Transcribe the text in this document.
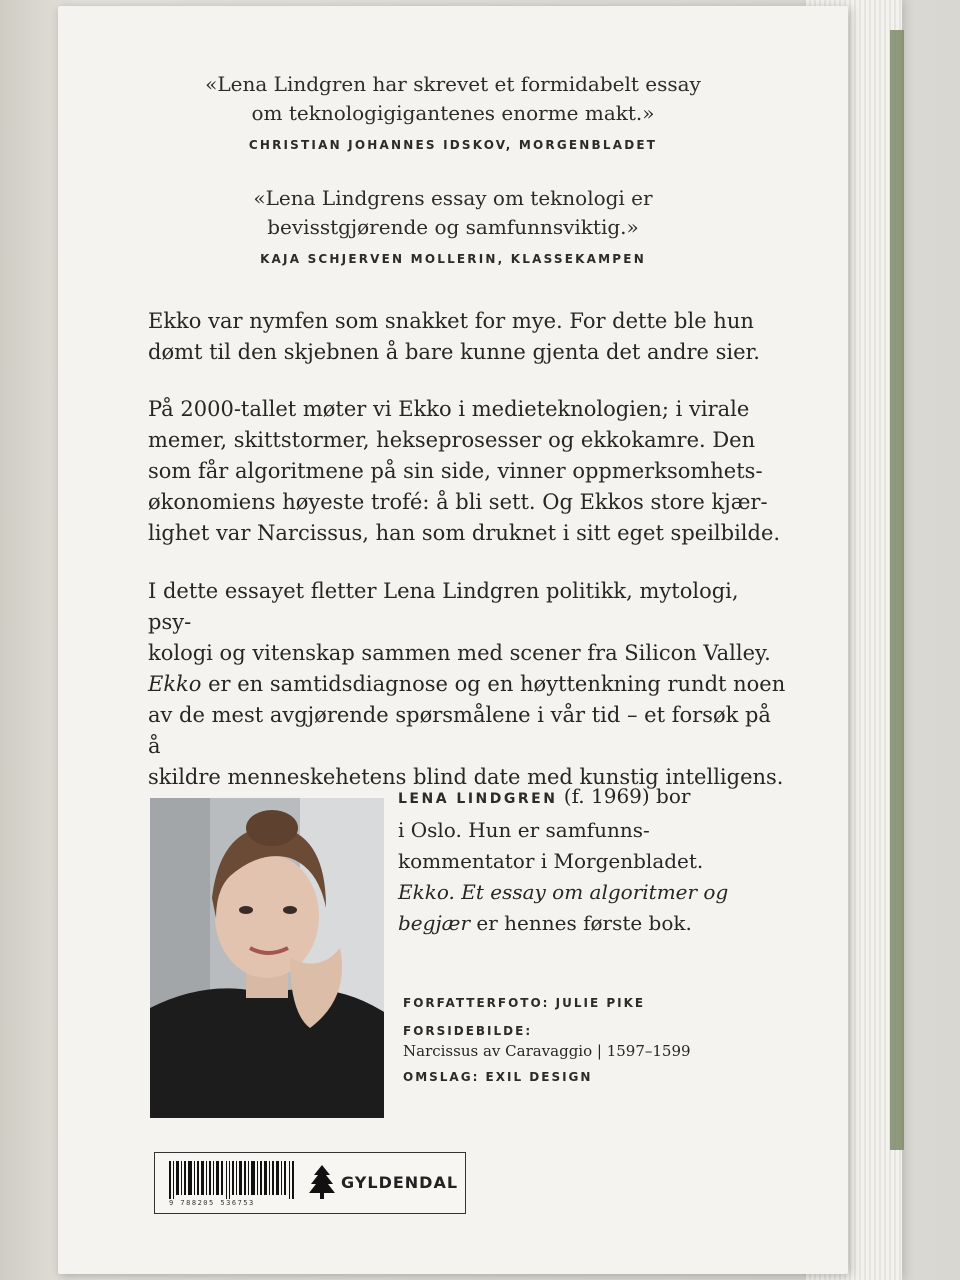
«Lena Lindgren har skrevet et formidabelt essay
om teknologigigantenes enorme makt.»
CHRISTIAN JOHANNES IDSKOV, MORGENBLADET
«Lena Lindgrens essay om teknologi er
bevisstgjørende og samfunnsviktig.»
KAJA SCHJERVEN MOLLERIN, KLASSEKAMPEN
Ekko var nymfen som snakket for mye. For dette ble hun
dømt til den skjebnen å bare kunne gjenta det andre sier.
På 2000-tallet møter vi Ekko i medieteknologien; i virale
memer, skittstormer, hekseprosesser og ekkokamre. Den
som får algoritmene på sin side, vinner oppmerksomhets-
økonomiens høyeste trofé: å bli sett. Og Ekkos store kjær-
lighet var Narcissus, han som druknet i sitt eget speilbilde.
I dette essayet fletter Lena Lindgren politikk, mytologi, psy-
kologi og vitenskap sammen med scener fra Silicon Valley.
Ekko er en samtidsdiagnose og en høyttenkning rundt noen
av de mest avgjørende spørsmålene i vår tid – et forsøk på å
skildre menneskehetens blind date med kunstig intelligens.
LENA LINDGREN (f. 1969) bor
i Oslo. Hun er samfunns-
kommentator i Morgenbladet.
Ekko. Et essay om algoritmer og
begjær er hennes første bok.
FORFATTERFOTO: JULIE PIKE
FORSIDEBILDE:
Narcissus av Caravaggio | 1597–1599
OMSLAG: EXIL DESIGN
9 788205 536753
GYLDENDAL
